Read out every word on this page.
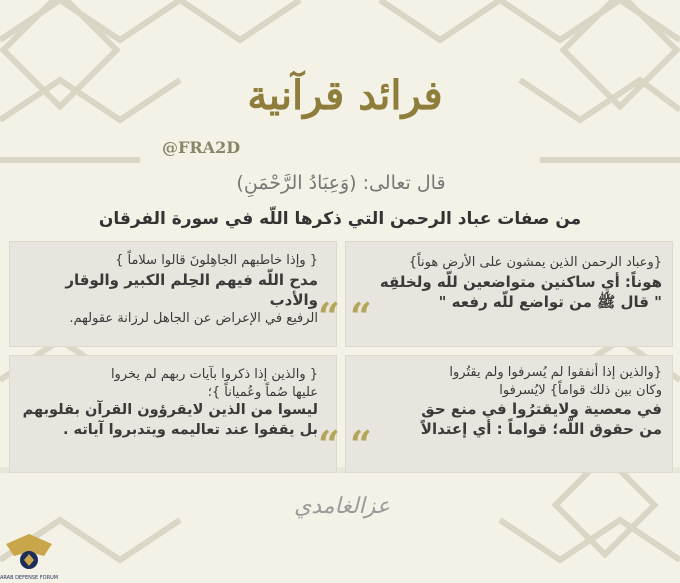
فرائد قرآنية
@FRA2D
قال تعالى: (وَعِبَادُ الرَّحْمَنِ)
من صفات عباد الرحمن التي ذكرها اللّه في سورة الفرقان
“
{وعباد الرحمن الذين يمشون على الأرض هوناً}
هوناً: أي ساكنين متواضعين للّه ولخلقِه
" قال ﷺ من تواضع للّه رفعه "
“
{ وإذا خاطبهم الجاهِلونَ قالوا سلاماً }
مدح اللّه فيهم الحِلم الكبير والوقار والأدب
الرفيع في الإعراض عن الجاهل لرزانة عقولهم.
“
{والذين إذا أنفقوا لم يُسرفوا ولم يقتُروا
وكان بين ذلك قواماً} لايُسرفوا
في معصية ولايقترُوا في منع حق
من حقوق اللّه؛ قواماً : أي إعتدالاً
“
{ والذين إذا ذكروا بآيات ربهم لم يخروا
عليها صُماً وعُمياناً }؛
ليسوا من الذين لايقرؤون القرآن بقلوبهم
بل يقفوا عند تعاليمه ويتدبروا آياته .
عزالغامدي
ARAB DEFENSE FORUM
